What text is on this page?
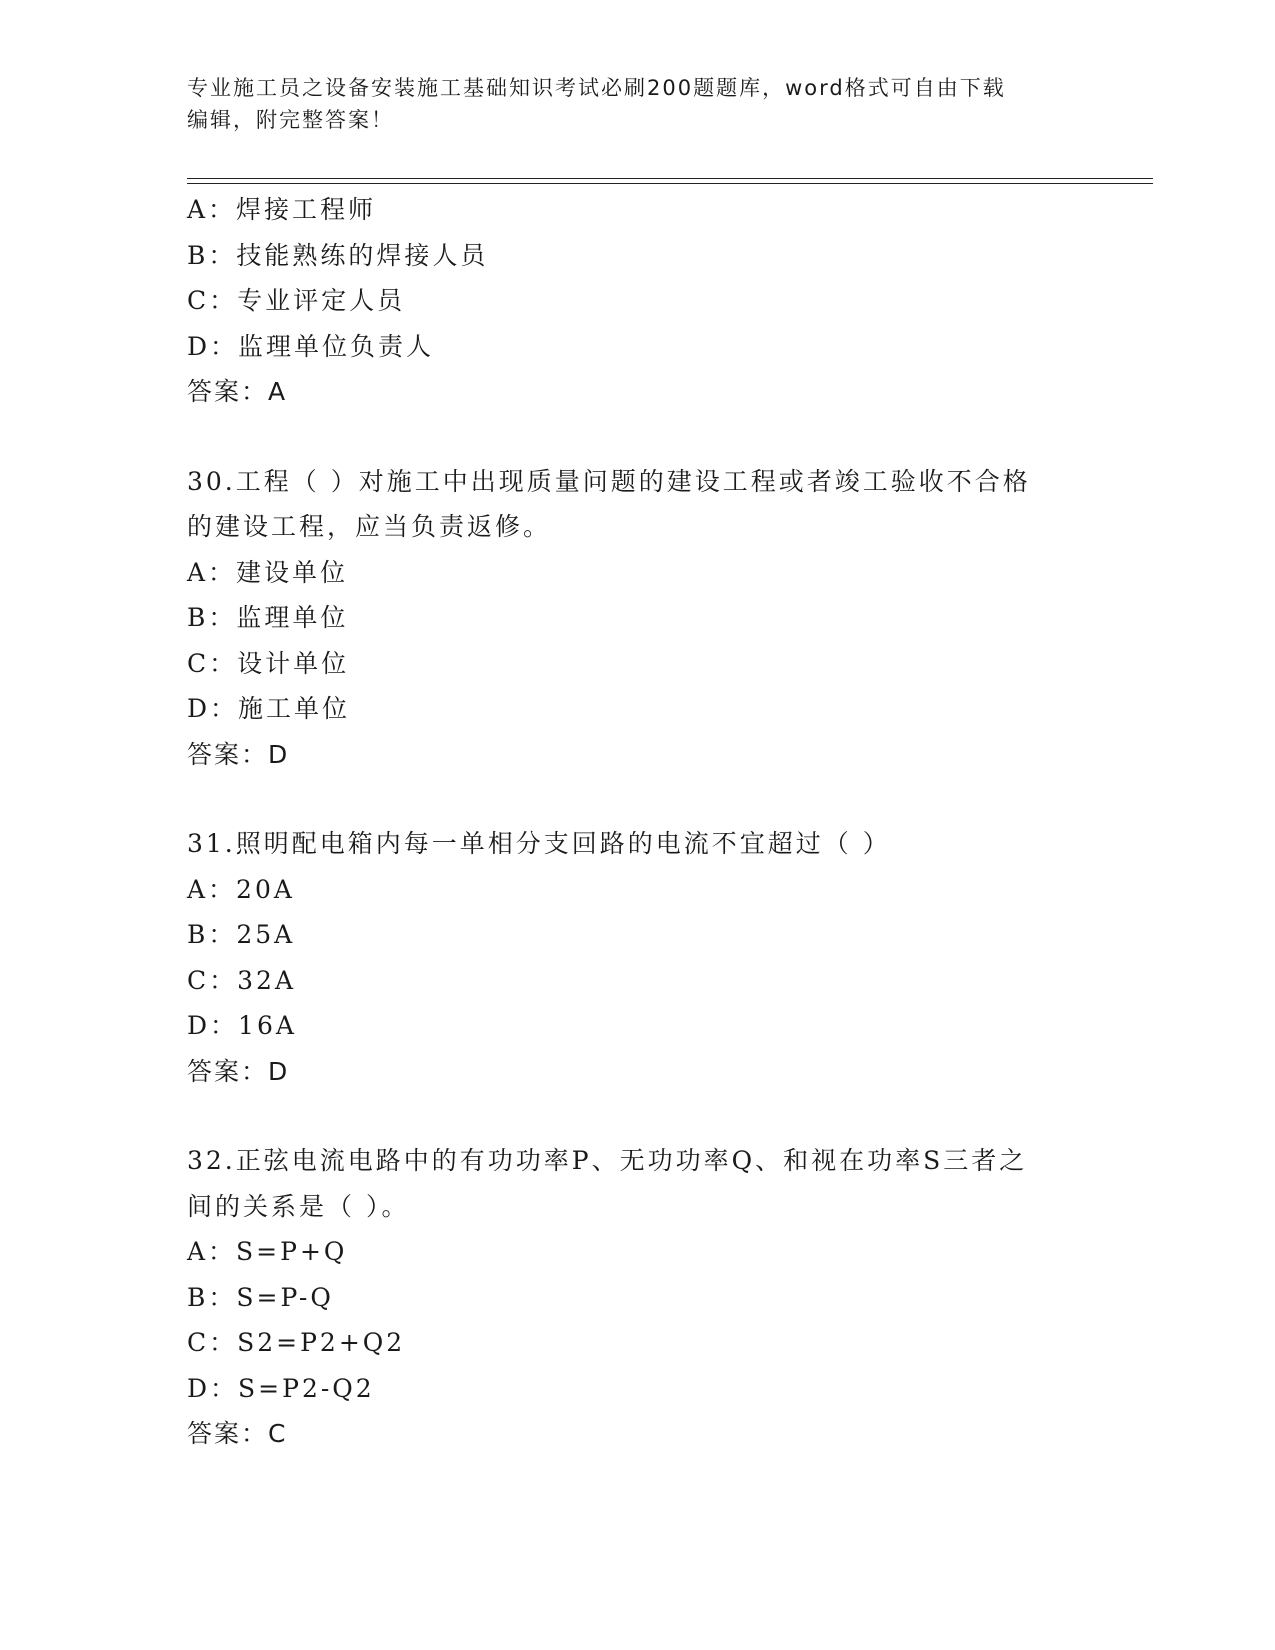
专业施工员之设备安装施工基础知识考试必刷200题题库，word格式可自由下载
编辑，附完整答案！
A：焊接工程师
B：技能熟练的焊接人员
C：专业评定人员
D：监理单位负责人
答案：A
30.工程（ ）对施工中出现质量问题的建设工程或者竣工验收不合格
的建设工程，应当负责返修。
A：建设单位
B：监理单位
C：设计单位
D：施工单位
答案：D
31.照明配电箱内每一单相分支回路的电流不宜超过（ ）
A：20A
B：25A
C：32A
D：16A
答案：D
32.正弦电流电路中的有功功率P、无功功率Q、和视在功率S三者之
间的关系是（ ）。
A：S=P+Q
B：S=P-Q
C：S2=P2+Q2
D：S=P2-Q2
答案：C
